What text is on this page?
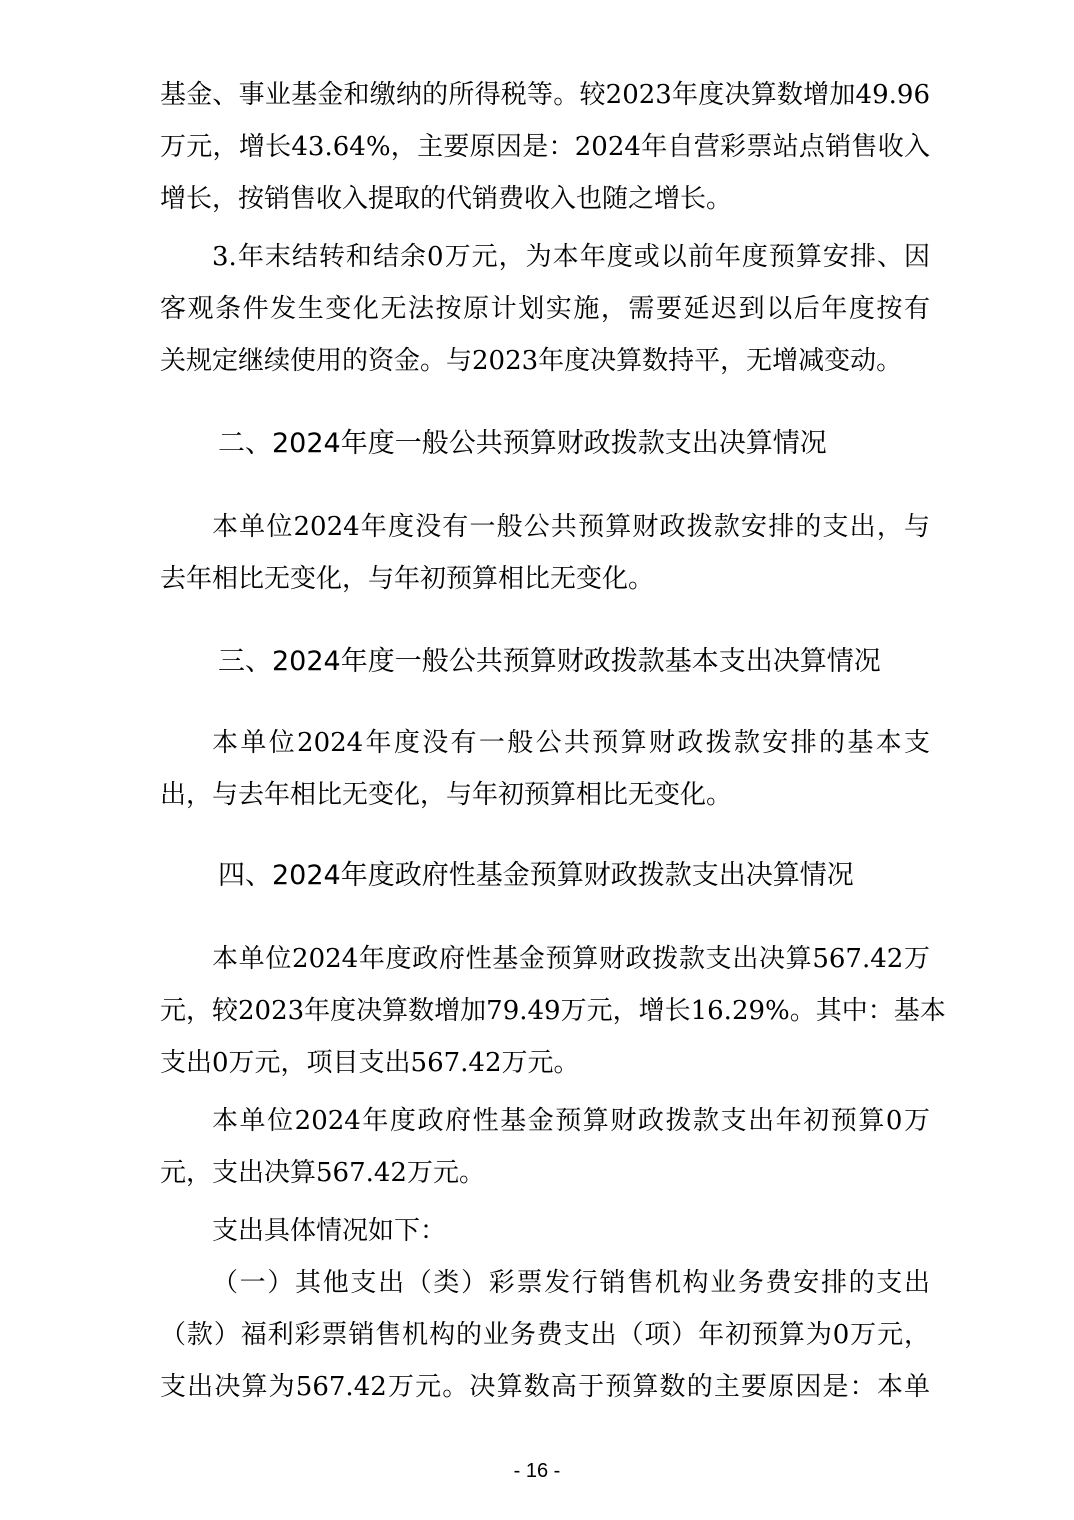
基金、事业基金和缴纳的所得税等。较2023年度决算数增加49.96
万元，增长43.64%，主要原因是：2024年自营彩票站点销售收入
增长，按销售收入提取的代销费收入也随之增长。
3.年末结转和结余0万元，为本年度或以前年度预算安排、因
客观条件发生变化无法按原计划实施，需要延迟到以后年度按有
关规定继续使用的资金。与2023年度决算数持平，无增减变动。
二、2024年度一般公共预算财政拨款支出决算情况
本单位2024年度没有一般公共预算财政拨款安排的支出，与
去年相比无变化，与年初预算相比无变化。
三、2024年度一般公共预算财政拨款基本支出决算情况
本单位2024年度没有一般公共预算财政拨款安排的基本支
出，与去年相比无变化，与年初预算相比无变化。
四、2024年度政府性基金预算财政拨款支出决算情况
本单位2024年度政府性基金预算财政拨款支出决算567.42万
元，较2023年度决算数增加79.49万元，增长16.29%。其中：基本
支出0万元，项目支出567.42万元。
本单位2024年度政府性基金预算财政拨款支出年初预算0万
元，支出决算567.42万元。
支出具体情况如下：
（一）其他支出（类）彩票发行销售机构业务费安排的支出
（款）福利彩票销售机构的业务费支出（项）年初预算为0万元，
支出决算为567.42万元。决算数高于预算数的主要原因是：本单
- 16 -
